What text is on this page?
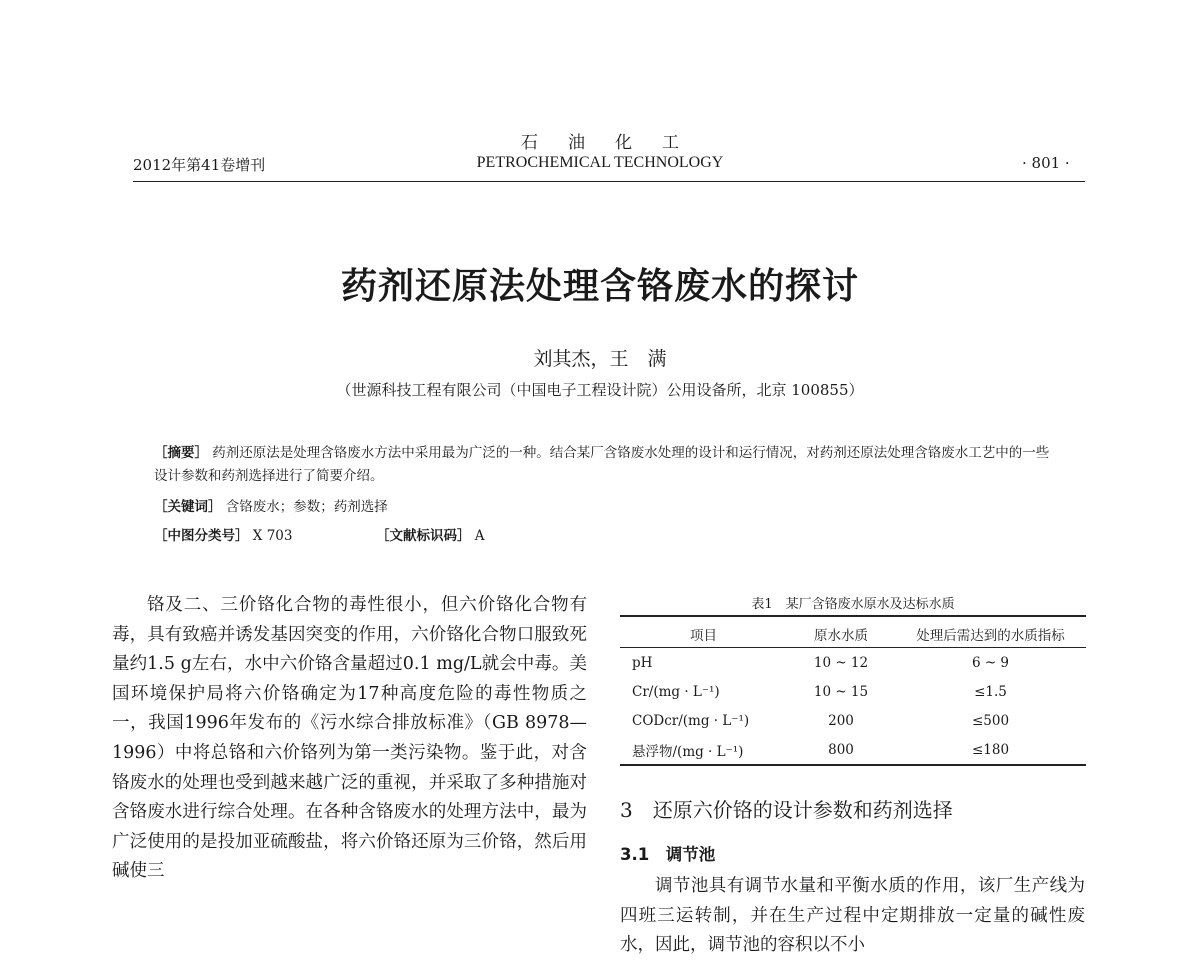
石油化工
PETROCHEMICAL TECHNOLOGY
2012年第41卷增刊	· 801 ·
药剂还原法处理含铬废水的探讨
刘其杰，王　满
（世源科技工程有限公司（中国电子工程设计院）公用设备所，北京 100855）
［摘要］ 药剂还原法是处理含铬废水方法中采用最为广泛的一种。结合某厂含铬废水处理的设计和运行情况，对药剂还原法处理含铬废水工艺中的一些设计参数和药剂选择进行了简要介绍。
［关键词］ 含铬废水；参数；药剂选择
［中图分类号］ X 703	［文献标识码］ A

铬及二、三价铬化合物的毒性很小，但六价铬化合物有毒，具有致癌并诱发基因突变的作用，六价铬化合物口服致死量约1.5 g左右，水中六价铬含量超过0.1 mg/L就会中毒。美国环境保护局将六价铬确定为17种高度危险的毒性物质之一，我国1996年发布的《污水综合排放标准》（GB 8978—1996）中将总铬和六价铬列为第一类污染物。鉴于此，对含铬废水的处理也受到越来越广泛的重视，并采取了多种措施对含铬废水进行综合处理。在各种含铬废水的处理方法中，最为广泛使用的是投加亚硫酸盐，将六价铬还原为三价铬，然后用碱使三

表1　某厂含铬废水原水及达标水质
项目	原水水质	处理后需达到的水质指标
pH	10 ~ 12	6 ~ 9
Cr/(mg · L⁻¹)	10 ~ 15	≤1.5
CODcr/(mg · L⁻¹)	200	≤500
悬浮物/(mg · L⁻¹)	800	≤180
3　还原六价铬的设计参数和药剂选择
3.1　调节池

调节池具有调节水量和平衡水质的作用，该厂生产线为四班三运转制，并在生产过程中定期排放一定量的碱性废水，因此，调节池的容积以不小
